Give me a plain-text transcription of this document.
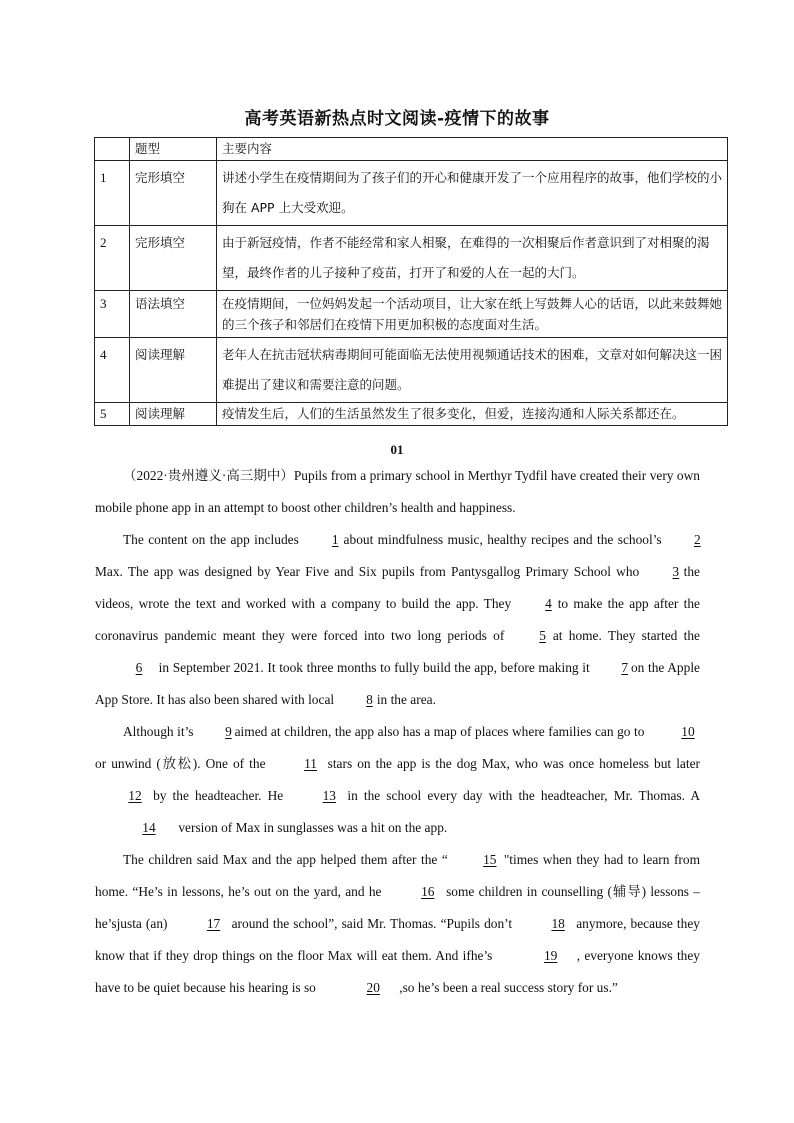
高考英语新热点时文阅读-疫情下的故事
	题型	主要内容
1	完形填空	讲述小学生在疫情期间为了孩子们的开心和健康开发了一个应用程序的故事，他们学校的小狗在 APP 上大受欢迎。
2	完形填空	由于新冠疫情，作者不能经常和家人相聚，在难得的一次相聚后作者意识到了对相聚的渴望，最终作者的儿子接种了疫苗，打开了和爱的人在一起的大门。
3	语法填空	在疫情期间，一位妈妈发起一个活动项目，让大家在纸上写鼓舞人心的话语，以此来鼓舞她的三个孩子和邻居们在疫情下用更加积极的态度面对生活。
4	阅读理解	老年人在抗击冠状病毒期间可能面临无法使用视频通话技术的困难，文章对如何解决这一困难提出了建议和需要注意的问题。
5	阅读理解	疫情发生后，人们的生活虽然发生了很多变化，但爱，连接沟通和人际关系都还在。
01

（2022·贵州遵义·高三期中）Pupils from a primary school in Merthyr Tydfil have created their very own mobile phone app in an attempt to boost other children’s health and happiness.

The content on the app includes 1 about mindfulness music, healthy recipes and the school’s 2 Max. The app was designed by Year Five and Six pupils from Pantysgallog Primary School who 3 the videos, wrote the text and worked with a company to build the app. They 4 to make the app after the coronavirus pandemic meant they were forced into two long periods of 5 at home. They started the 6 in September 2021. It took three months to fully build the app, before making it 7 on the Apple App Store. It has also been shared with local 8 in the area.

Although it’s 9 aimed at children, the app also has a map of places where families can go to 10 or unwind (放松). One of the	11 stars on the app is the dog Max, who was once homeless but later 12 by the headteacher. He 13 in the school every day with the headteacher, Mr. Thomas. A 14 version of Max in sunglasses was a hit on the app.

The children said Max and the app helped them after the “	15 "times when they had to learn from home. “He’s in lessons, he’s out on the yard, and he	16 some children in counselling (辅导) lessons – he’sjusta (an)	17 around the school”, said Mr. Thomas. “Pupils don’t	18 anymore, because they know that if they drop things on the floor Max will eat them. And ifhe’s	19 , everyone knows they have to be quiet because his hearing is so	20 ,so he’s been a real success story for us.”
